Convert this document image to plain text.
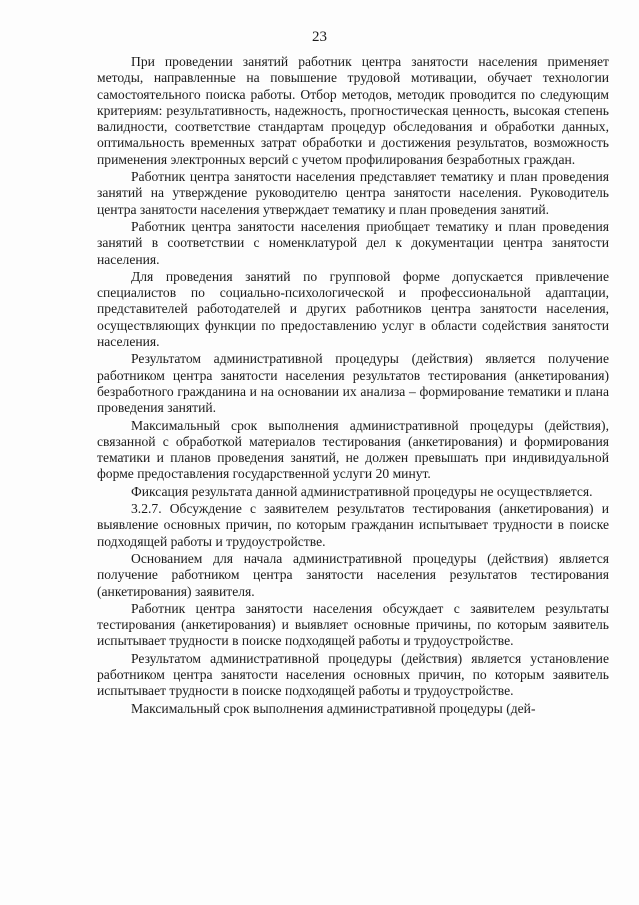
23

При проведении занятий работник центра занятости населения применяет методы, направленные на повышение трудовой мотивации, обучает технологии самостоятельного поиска работы. Отбор методов, методик проводится по следующим критериям: результативность, надежность, прогностическая ценность, высокая степень валидности, соответствие стандартам процедур обследования и обработки данных, оптимальность временных затрат обработки и достижения результатов, возможность применения электронных версий с учетом профилирования безработных граждан.

Работник центра занятости населения представляет тематику и план проведения занятий на утверждение руководителю центра занятости населения. Руководитель центра занятости населения утверждает тематику и план проведения занятий.

Работник центра занятости населения приобщает тематику и план проведения занятий в соответствии с номенклатурой дел к документации центра занятости населения.

Для проведения занятий по групповой форме допускается привлечение специалистов по социально-психологической и профессиональной адаптации, представителей работодателей и других работников центра занятости населения, осуществляющих функции по предоставлению услуг в области содействия занятости населения.

Результатом административной процедуры (действия) является получение работником центра занятости населения результатов тестирования (анкетирования) безработного гражданина и на основании их анализа – формирование тематики и плана проведения занятий.

Максимальный срок выполнения административной процедуры (действия), связанной с обработкой материалов тестирования (анкетирования) и формирования тематики и планов проведения занятий, не должен превышать при индивидуальной форме предоставления государственной услуги 20 минут.

Фиксация результата данной административной процедуры не осуществляется.

3.2.7. Обсуждение с заявителем результатов тестирования (анкетирования) и выявление основных причин, по которым гражданин испытывает трудности в поиске подходящей работы и трудоустройстве.

Основанием для начала административной процедуры (действия) является получение работником центра занятости населения результатов тестирования (анкетирования) заявителя.

Работник центра занятости населения обсуждает с заявителем результаты тестирования (анкетирования) и выявляет основные причины, по которым заявитель испытывает трудности в поиске подходящей работы и трудоустройстве.

Результатом административной процедуры (действия) является установление работником центра занятости населения основных причин, по которым заявитель испытывает трудности в поиске подходящей работы и трудоустройстве.

Максимальный срок выполнения административной процедуры (дей-
